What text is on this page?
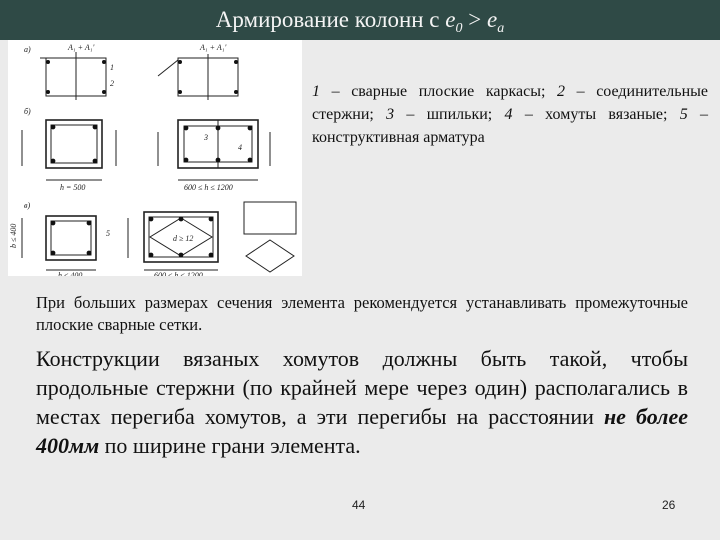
Армирование колонн с $e_0 > e_a$
а)	A₁ + A₁'	A₁ + A₁'
б)
в)
h = 500	600 ≤ h ≤ 1200
h ≤ 400	600 ≤ h ≤ 1200
d ≥ 12
1
2
3
4
5
b ≤ 400
1 – сварные плоские каркасы; 2 – соединительные стержни; 3 – шпильки; 4 – хомуты вязаные; 5 – конструктивная арматура
При больших размерах сечения элемента рекомендуется устанавливать промежуточные плоские сварные сетки.
Конструкции вязаных хомутов должны быть такой, чтобы продольные стержни (по крайней мере через один) располагались в местах перегиба хомутов, а эти перегибы на расстоянии не более 400мм по ширине грани элемента.
44	26
